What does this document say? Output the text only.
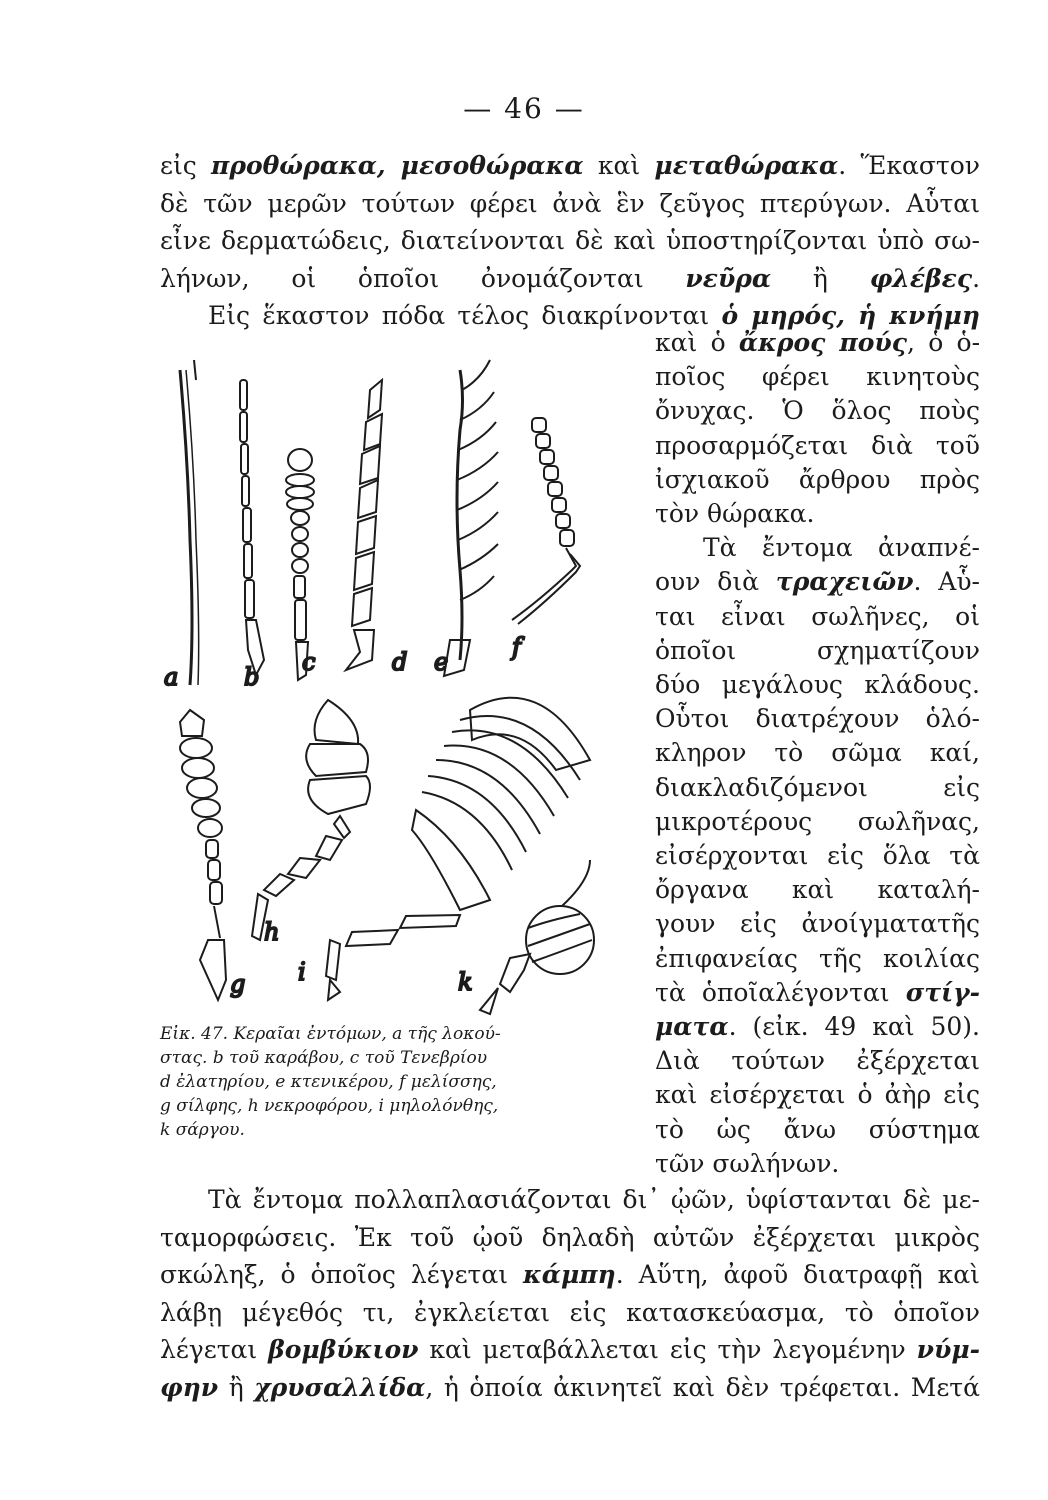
— 46 —
εἰς προθώρακα, μεσοθώρακα καὶ μεταθώρακα. Ἕκαστον
δὲ τῶν μερῶν τούτων φέρει ἀνὰ ἓν ζεῦγος πτερύγων. Αὗται
εἶνε δερματώδεις, διατείνονται δὲ καὶ ὑποστηρίζονται ὑπὸ σω-
λήνων, οἱ ὁποῖοι ὀνομάζονται νεῦρα ἢ φλέβες.
Εἰς ἕκαστον πόδα τέλος διακρίνονται ὁ μηρός, ἡ κνήμη
καὶ ὁ ἄκρος πούς, ὁ ὁ-
ποῖος φέρει κινητοὺς
ὄνυχας. Ὁ ὅλος ποὺς
προσαρμόζεται διὰ τοῦ
ἰσχιακοῦ ἄρθρου πρὸς
τὸν θώρακα.
Τὰ ἔντομα ἀναπνέ-
ουν διὰ τραχειῶν. Αὗ-
ται εἶναι σωλῆνες, οἱ
ὁποῖοι σχηματίζουν
δύο μεγάλους κλάδους.
Οὗτοι διατρέχουν ὁλό-
κληρον τὸ σῶμα καί,
διακλαδιζόμενοι εἰς
μικροτέρους σωλῆνας,
εἰσέρχονται εἰς ὅλα τὰ
ὄργανα καὶ καταλή-
γουν εἰς ἀνοίγματατῆς
ἐπιφανείας τῆς κοιλίας
τὰ ὁποῖαλέγονται στίγ-
ματα. (εἰκ. 49 καὶ 50).
Διὰ τούτων ἐξέρχεται
καὶ εἰσέρχεται ὁ ἀὴρ εἰς
τὸ ὡς ἄνω σύστημα
τῶν σωλήνων.
Τὰ ἔντομα πολλαπλασιάζονται δι᾽ ᾠῶν, ὑφίστανται δὲ με-
ταμορφώσεις. Ἐκ τοῦ ᾠοῦ δηλαδὴ αὐτῶν ἐξέρχεται μικρὸς
σκώληξ, ὁ ὁποῖος λέγεται κάμπη. Αὕτη, ἀφοῦ διατραφῇ καὶ
λάβῃ μέγεθός τι, ἐγκλείεται εἰς κατασκεύασμα, τὸ ὁποῖον
λέγεται βομβύκιον καὶ μεταβάλλεται εἰς τὴν λεγομένην νύμ-
φην ἢ χρυσαλλίδα, ἡ ὁποία ἀκινητεῖ καὶ δὲν τρέφεται. Μετά
a	b
c	d e
f
g
h
i	k
Εἰκ. 47. Κεραῖαι ἐντόμων, a τῆς λοκού-
στας. b τοῦ καράβου, c τοῦ Τενεβρίου
d ἐλατηρίου, e κτενικέρου, f μελίσσης,
g σίλφης, h νεκροφόρου, i μηλολόνθης,
k σάργου.
